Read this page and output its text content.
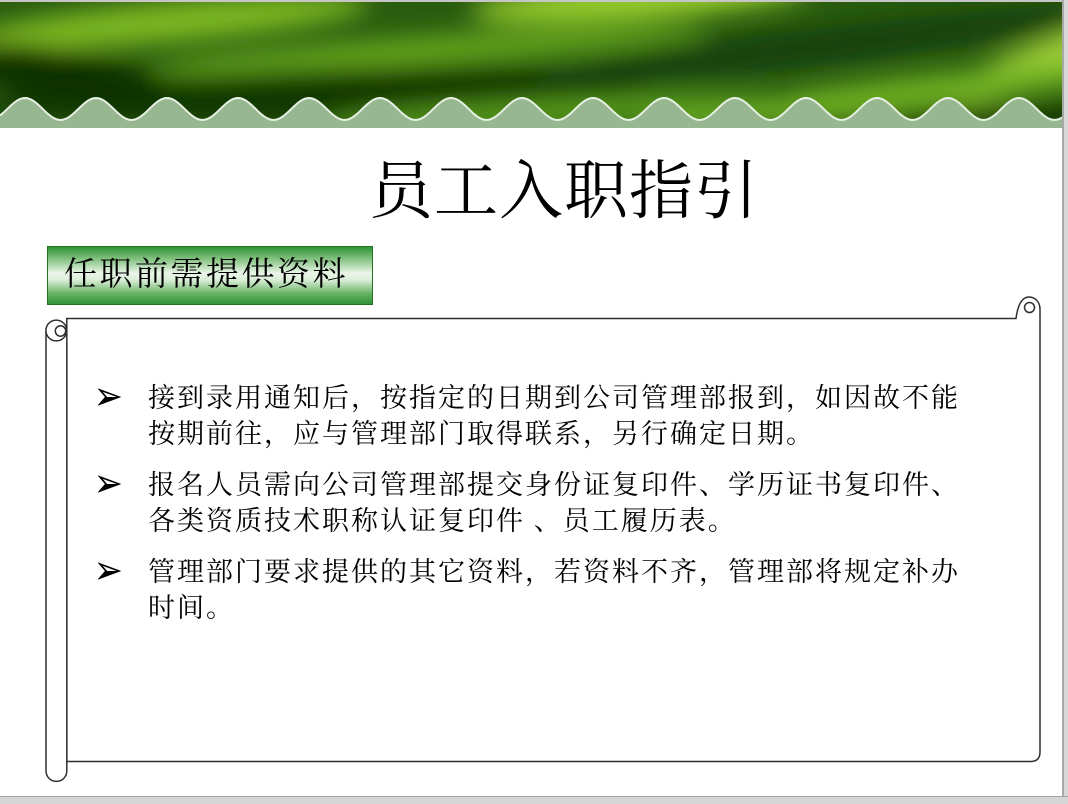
员工入职指引
任职前需提供资料
接到录用通知后，按指定的日期到公司管理部报到，如因故不能
按期前往，应与管理部门取得联系，另行确定日期。
报名人员需向公司管理部提交身份证复印件、学历证书复印件、
各类资质技术职称认证复印件 、员工履历表。
管理部门要求提供的其它资料，若资料不齐，管理部将规定补办
时间。
